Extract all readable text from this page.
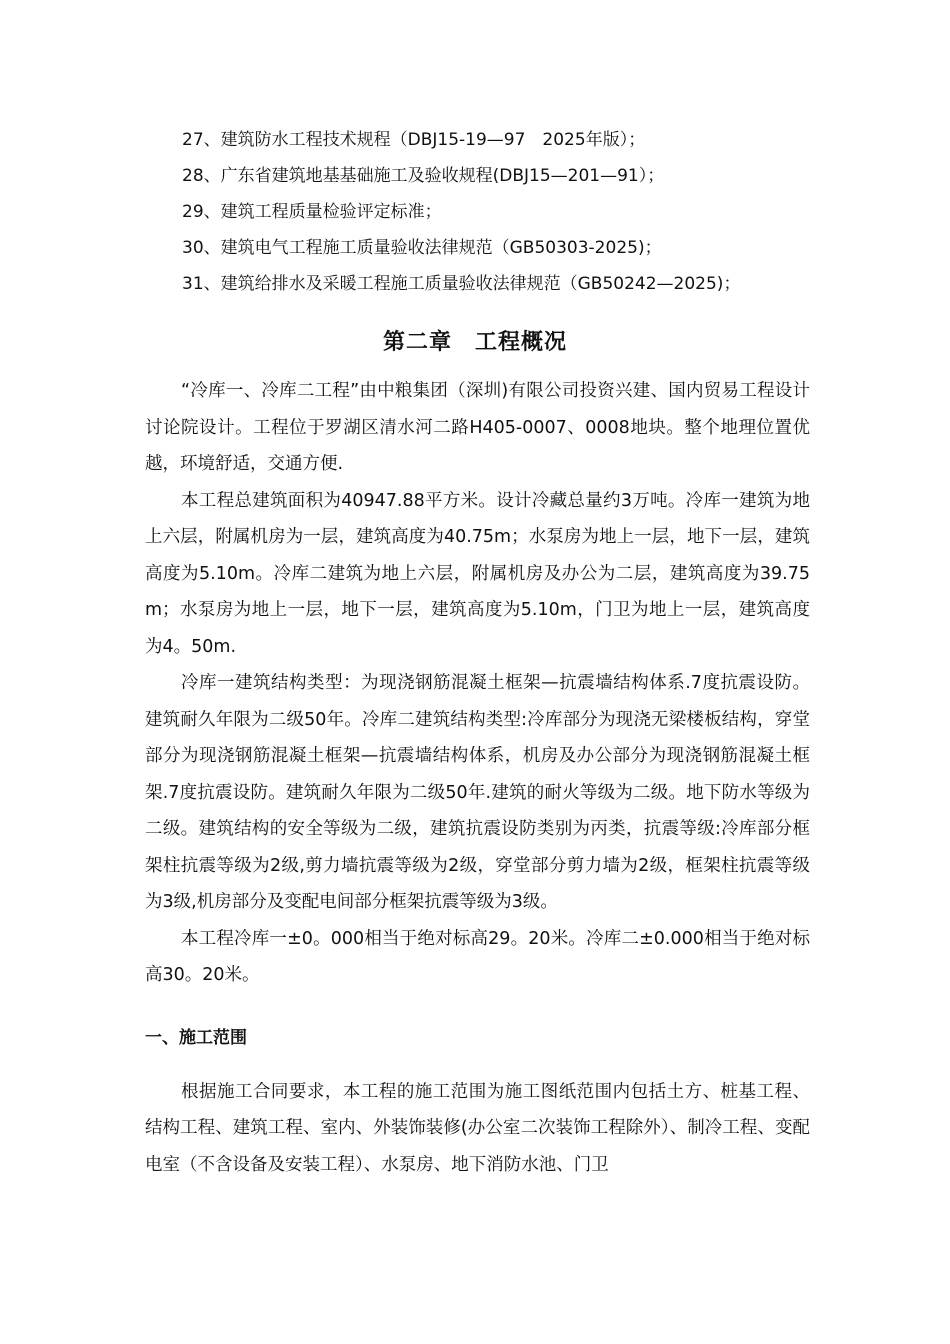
27、建筑防水工程技术规程（DBJ15-19—97　2025年版）；
28、广东省建筑地基基础施工及验收规程(DBJ15—201—91）；
29、建筑工程质量检验评定标准；
30、建筑电气工程施工质量验收法律规范（GB50303-2025)；
31、建筑给排水及采暖工程施工质量验收法律规范（GB50242—2025)；
第二章　工程概况

“冷库一、冷库二工程”由中粮集团（深圳)有限公司投资兴建、国内贸易工程设计讨论院设计。工程位于罗湖区清水河二路H405-0007、0008地块。整个地理位置优越，环境舒适，交通方便.

本工程总建筑面积为40947.88平方米。设计冷藏总量约3万吨。冷库一建筑为地上六层，附属机房为一层，建筑高度为40.75m；水泵房为地上一层，地下一层，建筑高度为5.10m。冷库二建筑为地上六层，附属机房及办公为二层，建筑高度为39.75m；水泵房为地上一层，地下一层，建筑高度为5.10m，门卫为地上一层，建筑高度为4。50m.

冷库一建筑结构类型：为现浇钢筋混凝土框架—抗震墙结构体系.7度抗震设防。建筑耐久年限为二级50年。冷库二建筑结构类型:冷库部分为现浇无梁楼板结构，穿堂部分为现浇钢筋混凝土框架—抗震墙结构体系，机房及办公部分为现浇钢筋混凝土框架.7度抗震设防。建筑耐久年限为二级50年.建筑的耐火等级为二级。地下防水等级为二级。建筑结构的安全等级为二级，建筑抗震设防类别为丙类，抗震等级:冷库部分框架柱抗震等级为2级,剪力墙抗震等级为2级，穿堂部分剪力墙为2级，框架柱抗震等级为3级,机房部分及变配电间部分框架抗震等级为3级。

本工程冷库一±0。000相当于绝对标高29。20米。冷库二±0.000相当于绝对标高30。20米。

一、施工范围

根据施工合同要求，本工程的施工范围为施工图纸范围内包括土方、桩基工程、结构工程、建筑工程、室内、外装饰装修(办公室二次装饰工程除外）、制冷工程、变配电室（不含设备及安装工程）、水泵房、地下消防水池、门卫
